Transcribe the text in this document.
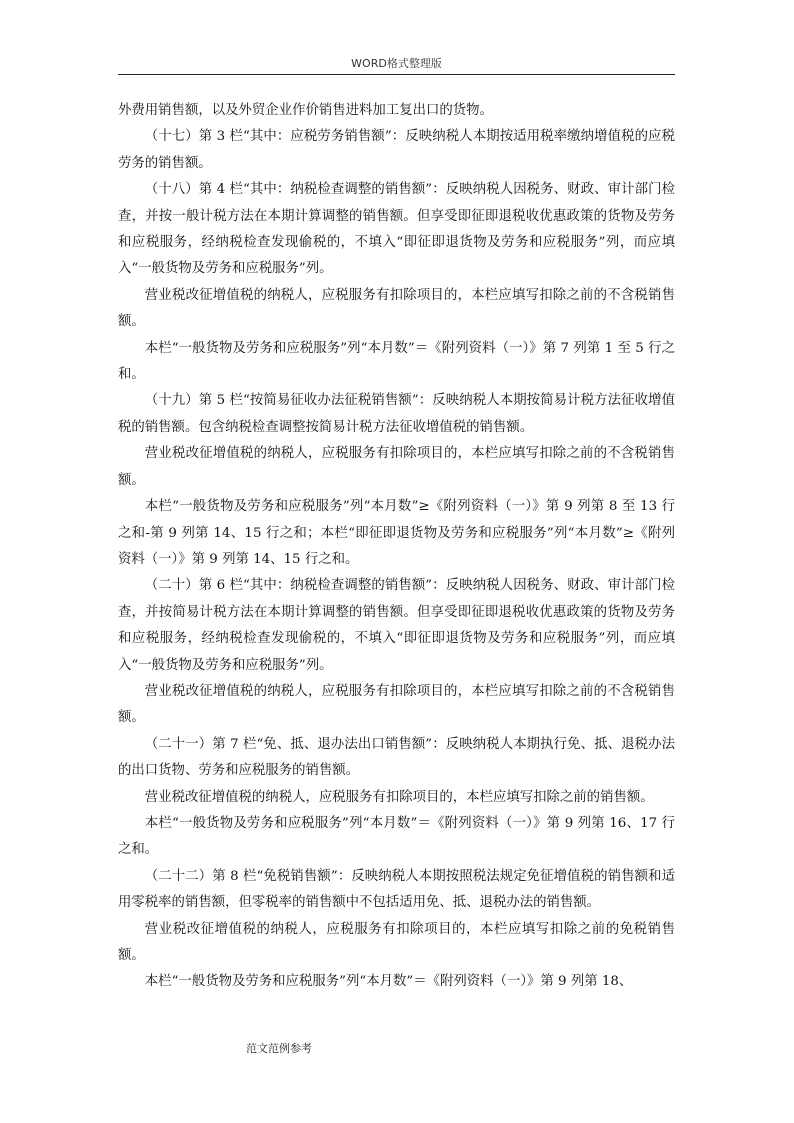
WORD格式整理版

外费用销售额，以及外贸企业作价销售进料加工复出口的货物。

（十七）第 3 栏“其中：应税劳务销售额”：反映纳税人本期按适用税率缴纳增值税的应税劳务的销售额。

（十八）第 4 栏“其中：纳税检查调整的销售额”：反映纳税人因税务、财政、审计部门检查，并按一般计税方法在本期计算调整的销售额。但享受即征即退税收优惠政策的货物及劳务和应税服务，经纳税检查发现偷税的，不填入“即征即退货物及劳务和应税服务”列，而应填入“一般货物及劳务和应税服务”列。

营业税改征增值税的纳税人，应税服务有扣除项目的，本栏应填写扣除之前的不含税销售额。

本栏“一般货物及劳务和应税服务”列“本月数”＝《附列资料（一）》第 7 列第 1 至 5 行之和。

（十九）第 5 栏“按简易征收办法征税销售额”：反映纳税人本期按简易计税方法征收增值税的销售额。包含纳税检查调整按简易计税方法征收增值税的销售额。

营业税改征增值税的纳税人，应税服务有扣除项目的，本栏应填写扣除之前的不含税销售额。

本栏“一般货物及劳务和应税服务”列“本月数”≥《附列资料（一）》第 9 列第 8 至 13 行之和-第 9 列第 14、15 行之和；本栏“即征即退货物及劳务和应税服务”列“本月数”≥《附列资料（一）》第 9 列第 14、15 行之和。

（二十）第 6 栏“其中：纳税检查调整的销售额”：反映纳税人因税务、财政、审计部门检查，并按简易计税方法在本期计算调整的销售额。但享受即征即退税收优惠政策的货物及劳务和应税服务，经纳税检查发现偷税的，不填入“即征即退货物及劳务和应税服务”列，而应填入“一般货物及劳务和应税服务”列。

营业税改征增值税的纳税人，应税服务有扣除项目的，本栏应填写扣除之前的不含税销售额。

（二十一）第 7 栏“免、抵、退办法出口销售额”：反映纳税人本期执行免、抵、退税办法的出口货物、劳务和应税服务的销售额。

营业税改征增值税的纳税人，应税服务有扣除项目的，本栏应填写扣除之前的销售额。

本栏“一般货物及劳务和应税服务”列“本月数”＝《附列资料（一）》第 9 列第 16、17 行之和。

（二十二）第 8 栏“免税销售额”：反映纳税人本期按照税法规定免征增值税的销售额和适用零税率的销售额，但零税率的销售额中不包括适用免、抵、退税办法的销售额。

营业税改征增值税的纳税人，应税服务有扣除项目的，本栏应填写扣除之前的免税销售额。

本栏“一般货物及劳务和应税服务”列“本月数”＝《附列资料（一）》第 9 列第 18、

范文范例参考
